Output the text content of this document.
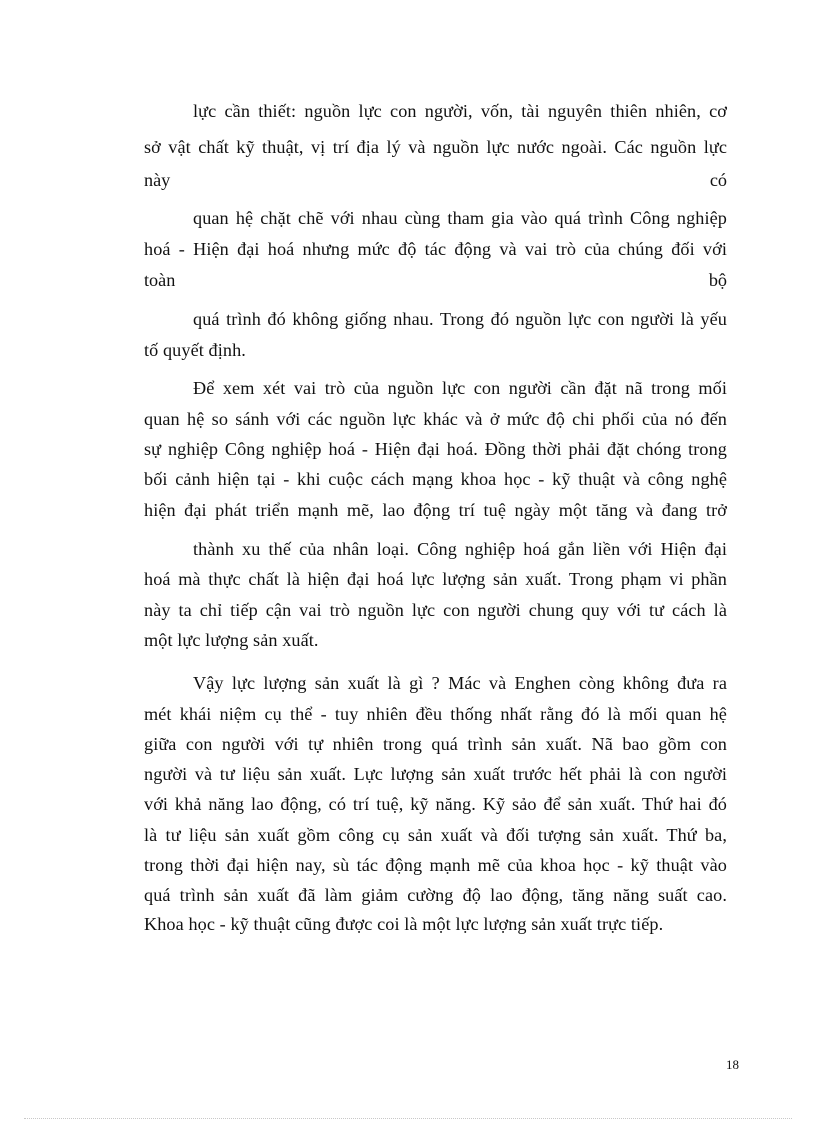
lực cần thiết: nguồn lực con người, vốn, tài nguyên thiên nhiên, cơ
sở vật chất kỹ thuật, vị trí địa lý và nguồn lực nước ngoài. Các nguồn lực
này	có
quan hệ chặt chẽ với nhau cùng tham gia vào quá trình Công nghiệp
hoá - Hiện đại hoá nhưng mức độ tác động và vai trò của chúng đối với
toàn	bộ
quá trình đó không giống nhau. Trong đó nguồn lực con người là yếu
tố quyết định.
Để xem xét vai trò của nguồn lực con người cần đặt nã trong mối
quan hệ so sánh với các nguồn lực khác và ở mức độ chi phối của nó đến
sự nghiệp Công nghiệp hoá - Hiện đại hoá. Đồng thời phải đặt chóng trong
bối cảnh hiện tại - khi cuộc cách mạng khoa học - kỹ thuật và công nghệ
hiện đại phát triển mạnh mẽ, lao động trí tuệ ngày một tăng và đang trở
thành xu thế của nhân loại. Công nghiệp hoá gắn liền với Hiện đại
hoá mà thực chất là hiện đại hoá lực lượng sản xuất. Trong phạm vi phần
này ta chỉ tiếp cận vai trò nguồn lực con người chung quy với tư cách là
một lực lượng sản xuất.
Vậy lực lượng sản xuất là gì ? Mác và Enghen còng không đưa ra
mét khái niệm cụ thể - tuy nhiên đều thống nhất rằng đó là mối quan hệ
giữa con người với tự nhiên trong quá trình sản xuất. Nã bao gồm con
người và tư liệu sản xuất. Lực lượng sản xuất trước hết phải là con người
với khả năng lao động, có trí tuệ, kỹ năng. Kỹ sảo để sản xuất. Thứ hai đó
là tư liệu sản xuất gồm công cụ sản xuất và đối tượng sản xuất. Thứ ba,
trong thời đại hiện nay, sù tác động mạnh mẽ của khoa học - kỹ thuật vào
quá trình sản xuất đã làm giảm cường độ lao động, tăng năng suất cao.
Khoa học - kỹ thuật cũng được coi là một lực lượng sản xuất trực tiếp.
18
